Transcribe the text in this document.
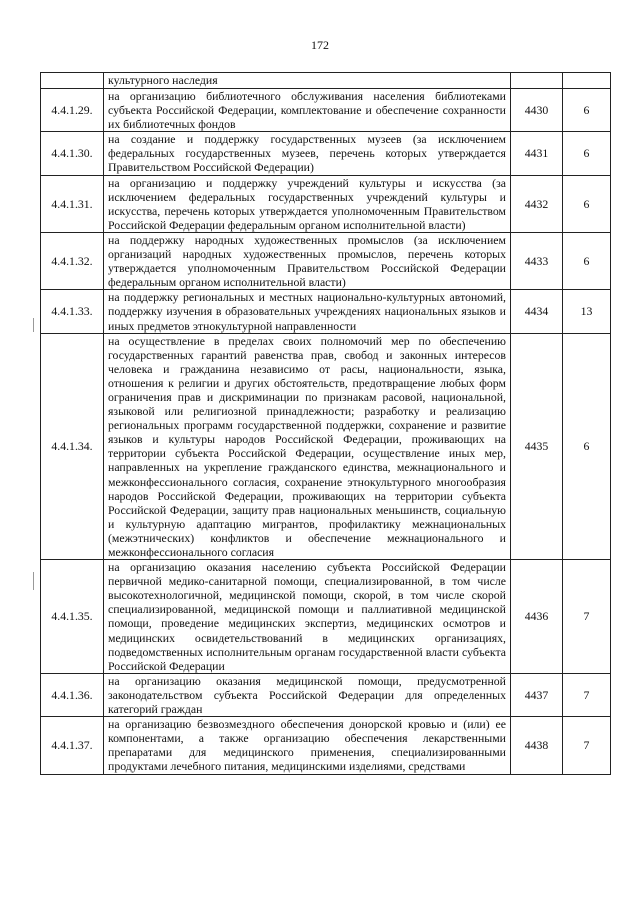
172
	культурного наследия		
4.4.1.29.	на организацию библиотечного обслуживания населения библиотеками субъекта Российской Федерации, комплектование и обеспечение сохранности их библиотечных фондов	4430	6
4.4.1.30.	на создание и поддержку государственных музеев (за исключением федеральных государственных музеев, перечень которых утверждается Правительством Российской Федерации)	4431	6
4.4.1.31.	на организацию и поддержку учреждений культуры и искусства (за исключением федеральных государственных учреждений культуры и искусства, перечень которых утверждается уполномоченным Правительством Российской Федерации федеральным органом исполнительной власти)	4432	6
4.4.1.32.	на поддержку народных художественных промыслов (за исключением организаций народных художественных промыслов, перечень которых утверждается уполномоченным Правительством Российской Федерации федеральным органом исполнительной власти)	4433	6
4.4.1.33.	на поддержку региональных и местных национально-культурных автономий, поддержку изучения в образовательных учреждениях национальных языков и иных предметов этнокультурной направленности	4434	13
4.4.1.34.	на осуществление в пределах своих полномочий мер по обеспечению государственных гарантий равенства прав, свобод и законных интересов человека и гражданина независимо от расы, национальности, языка, отношения к религии и других обстоятельств, предотвращение любых форм ограничения прав и дискриминации по признакам расовой, национальной, языковой или религиозной принадлежности; разработку и реализацию региональных программ государственной поддержки, сохранение и развитие языков и культуры народов Российской Федерации, проживающих на территории субъекта Российской Федерации, осуществление иных мер, направленных на укрепление гражданского единства, межнационального и межконфессионального согласия, сохранение этнокультурного многообразия народов Российской Федерации, проживающих на территории субъекта Российской Федерации, защиту прав национальных меньшинств, социальную и культурную адаптацию мигрантов, профилактику межнациональных (межэтнических) конфликтов и обеспечение межнационального и межконфессионального согласия	4435	6
4.4.1.35.	на организацию оказания населению субъекта Российской Федерации первичной медико-санитарной помощи, специализированной, в том числе высокотехнологичной, медицинской помощи, скорой, в том числе скорой специализированной, медицинской помощи и паллиативной медицинской помощи, проведение медицинских экспертиз, медицинских осмотров и медицинских освидетельствований в медицинских организациях, подведомственных исполнительным органам государственной власти субъекта Российской Федерации	4436	7
4.4.1.36.	на организацию оказания медицинской помощи, предусмотренной законодательством субъекта Российской Федерации для определенных категорий граждан	4437	7
4.4.1.37.	на организацию безвозмездного обеспечения донорской кровью и (или) ее компонентами, а также организацию обеспечения лекарственными препаратами для медицинского применения, специализированными продуктами лечебного питания, медицинскими изделиями, средствами	4438	7
